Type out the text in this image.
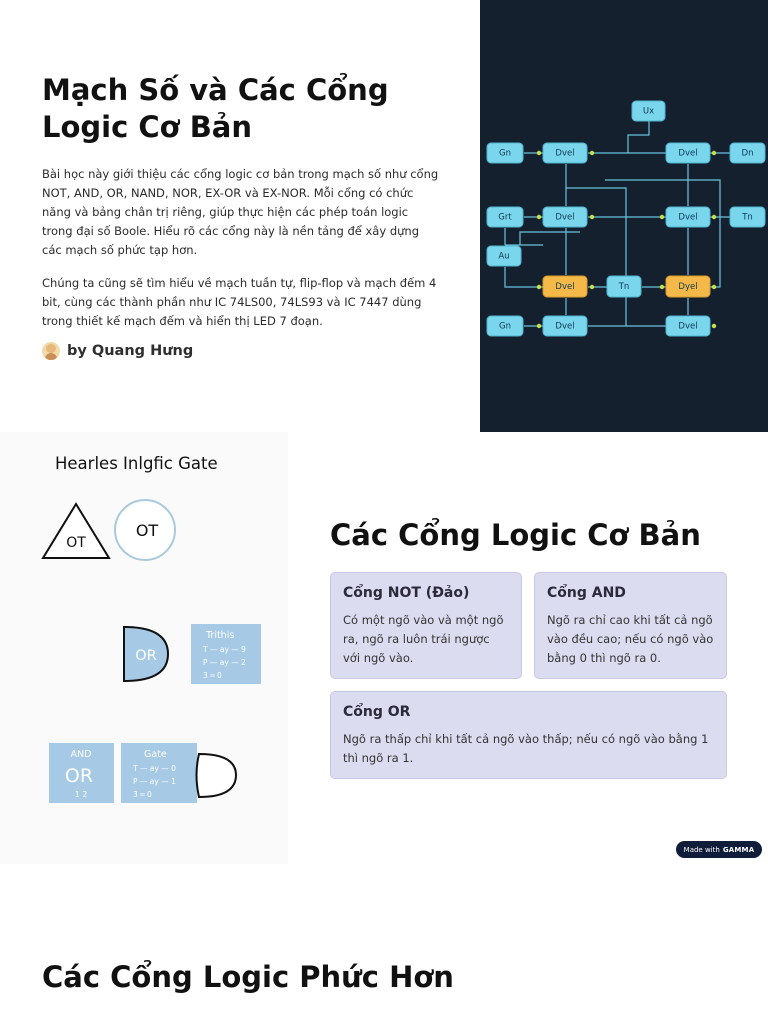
Mạch Số và Các Cổng Logic Cơ Bản

Bài học này giới thiệu các cổng logic cơ bản trong mạch số như cổng NOT, AND, OR, NAND, NOR, EX-OR và EX-NOR. Mỗi cổng có chức năng và bảng chân trị riêng, giúp thực hiện các phép toán logic trong đại số Boole. Hiểu rõ các cổng này là nền tảng để xây dựng các mạch số phức tạp hơn.

Chúng ta cũng sẽ tìm hiểu về mạch tuần tự, flip-flop và mạch đếm 4 bit, cùng các thành phần như IC 74LS00, 74LS93 và IC 7447 dùng trong thiết kế mạch đếm và hiển thị LED 7 đoạn.

by Quang Hưng
Ux
Gn	Dvel	Dvel	Dn
Grt	Dvel	Dvel	Tn
Au
Dvel	Tn	Dyel
Gn	Dvel	Dvel
Hearles Inlgfic Gate
OT
OT
OR
Trithis
T — ay — 9
P — ay — 2
3 ═ 0
AND
OR
1 2
Gate
T — ay — 0
P — ay — 1
3 ═ 0
Các Cổng Logic Cơ Bản
Cổng NOT (Đảo)

Có một ngõ vào và một ngõ ra, ngõ ra luôn trái ngược với ngõ vào.

Cổng AND

Ngõ ra chỉ cao khi tất cả ngõ vào đều cao; nếu có ngõ vào bằng 0 thì ngõ ra 0.

Cổng OR

Ngõ ra thấp chỉ khi tất cả ngõ vào thấp; nếu có ngõ vào bằng 1 thì ngõ ra 1.

Made with GAMMA
Các Cổng Logic Phức Hơn
